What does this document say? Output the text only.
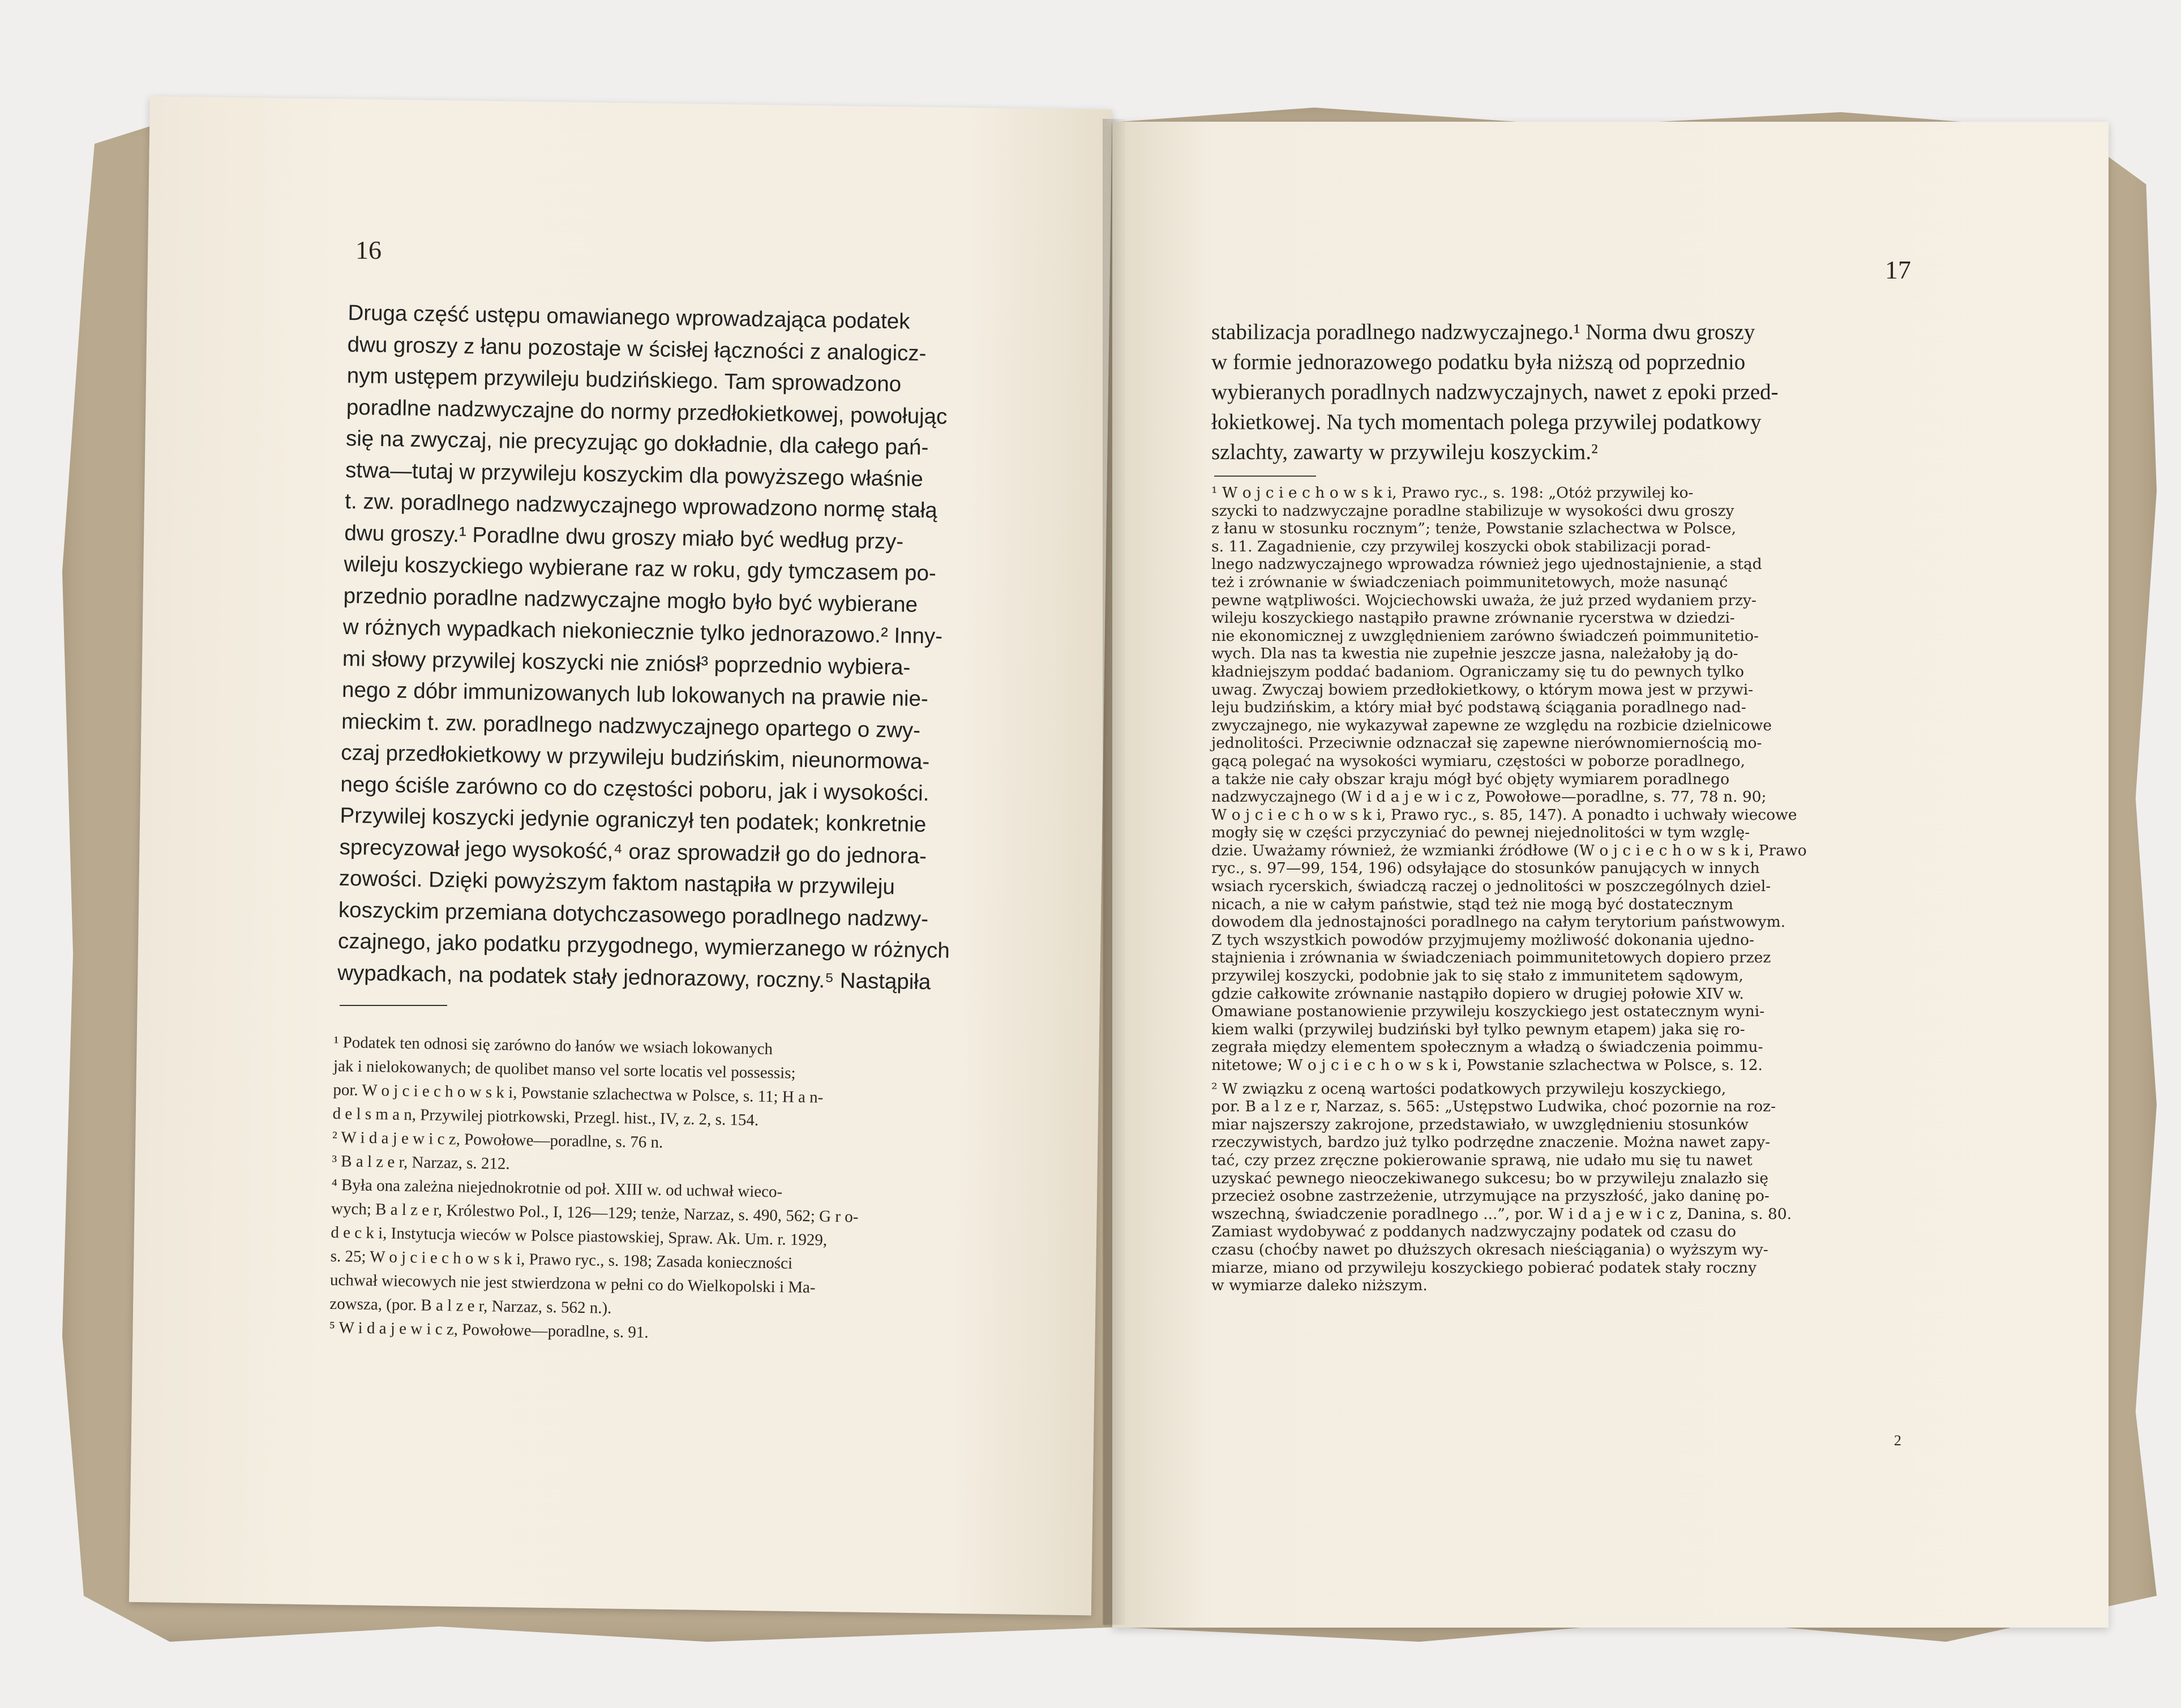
16
Druga część ustępu omawianego wprowadzająca podatek
dwu groszy z łanu pozostaje w ścisłej łączności z analogicz-
nym ustępem przywileju budzińskiego. Tam sprowadzono
poradlne nadzwyczajne do normy przedłokietkowej, powołując
się na zwyczaj, nie precyzując go dokładnie, dla całego pań-
stwa—tutaj w przywileju koszyckim dla powyższego właśnie
t. zw. poradlnego nadzwyczajnego wprowadzono normę stałą
dwu groszy.¹ Poradlne dwu groszy miało być według przy-
wileju koszyckiego wybierane raz w roku, gdy tymczasem po-
przednio poradlne nadzwyczajne mogło było być wybierane
w różnych wypadkach niekoniecznie tylko jednorazowo.² Inny-
mi słowy przywilej koszycki nie zniósł³ poprzednio wybiera-
nego z dóbr immunizowanych lub lokowanych na prawie nie-
mieckim t. zw. poradlnego nadzwyczajnego opartego o zwy-
czaj przedłokietkowy w przywileju budzińskim, nieunormowa-
nego ściśle zarówno co do częstości poboru, jak i wysokości.
Przywilej koszycki jedynie ograniczył ten podatek; konkretnie
sprecyzował jego wysokość,⁴ oraz sprowadził go do jednora-
zowości. Dzięki powyższym faktom nastąpiła w przywileju
koszyckim przemiana dotychczasowego poradlnego nadzwy-
czajnego, jako podatku przygodnego, wymierzanego w różnych
wypadkach, na podatek stały jednorazowy, roczny.⁵ Nastąpiła
¹ Podatek ten odnosi się zarówno do łanów we wsiach lokowanych
jak i nielokowanych; de quolibet manso vel sorte locatis vel possessis;
por. W o j c i e c h o w s k i, Powstanie szlachectwa w Polsce, s. 11; H a n-
d e l s m a n, Przywilej piotrkowski, Przegl. hist., IV, z. 2, s. 154.
² W i d a j e w i c z, Powołowe—poradlne, s. 76 n.
³ B a l z e r, Narzaz, s. 212.
⁴ Była ona zależna niejednokrotnie od poł. XIII w. od uchwał wieco-
wych; B a l z e r, Królestwo Pol., I, 126—129; tenże, Narzaz, s. 490, 562; G r o-
d e c k i, Instytucja wieców w Polsce piastowskiej, Spraw. Ak. Um. r. 1929,
s. 25; W o j c i e c h o w s k i, Prawo ryc., s. 198; Zasada konieczności
uchwał wiecowych nie jest stwierdzona w pełni co do Wielkopolski i Ma-
zowsza, (por. B a l z e r, Narzaz, s. 562 n.).
⁵ W i d a j e w i c z, Powołowe—poradlne, s. 91.
17
stabilizacja poradlnego nadzwyczajnego.¹ Norma dwu groszy
w formie jednorazowego podatku była niższą od poprzednio
wybieranych poradlnych nadzwyczajnych, nawet z epoki przed-
łokietkowej. Na tych momentach polega przywilej podatkowy
szlachty, zawarty w przywileju koszyckim.²
¹ W o j c i e c h o w s k i, Prawo ryc., s. 198: „Otóż przywilej ko-
szycki to nadzwyczajne poradlne stabilizuje w wysokości dwu groszy
z łanu w stosunku rocznym”; tenże, Powstanie szlachectwa w Polsce,
s. 11. Zagadnienie, czy przywilej koszycki obok stabilizacji porad-
lnego nadzwyczajnego wprowadza również jego ujednostajnienie, a stąd
też i zrównanie w świadczeniach poimmunitetowych, może nasunąć
pewne wątpliwości. Wojciechowski uważa, że już przed wydaniem przy-
wileju koszyckiego nastąpiło prawne zrównanie rycerstwa w dziedzi-
nie ekonomicznej z uwzględnieniem zarówno świadczeń poimmunitetio-
wych. Dla nas ta kwestia nie zupełnie jeszcze jasna, należałoby ją do-
kładniejszym poddać badaniom. Ograniczamy się tu do pewnych tylko
uwag. Zwyczaj bowiem przedłokietkowy, o którym mowa jest w przywi-
leju budzińskim, a który miał być podstawą ściągania poradlnego nad-
zwyczajnego, nie wykazywał zapewne ze względu na rozbicie dzielnicowe
jednolitości. Przeciwnie odznaczał się zapewne nierównomiernością mo-
gącą polegać na wysokości wymiaru, częstości w poborze poradlnego,
a także nie cały obszar kraju mógł być objęty wymiarem poradlnego
nadzwyczajnego (W i d a j e w i c z, Powołowe—poradlne, s. 77, 78 n. 90;
W o j c i e c h o w s k i, Prawo ryc., s. 85, 147). A ponadto i uchwały wiecowe
mogły się w części przyczyniać do pewnej niejednolitości w tym wzglę-
dzie. Uważamy również, że wzmianki źródłowe (W o j c i e c h o w s k i, Prawo
ryc., s. 97—99, 154, 196) odsyłające do stosunków panujących w innych
wsiach rycerskich, świadczą raczej o jednolitości w poszczególnych dziel-
nicach, a nie w całym państwie, stąd też nie mogą być dostatecznym
dowodem dla jednostajności poradlnego na całym terytorium państwowym.
Z tych wszystkich powodów przyjmujemy możliwość dokonania ujedno-
stajnienia i zrównania w świadczeniach poimmunitetowych dopiero przez
przywilej koszycki, podobnie jak to się stało z immunitetem sądowym,
gdzie całkowite zrównanie nastąpiło dopiero w drugiej połowie XIV w.
Omawiane postanowienie przywileju koszyckiego jest ostatecznym wyni-
kiem walki (przywilej budziński był tylko pewnym etapem) jaka się ro-
zegrała między elementem społecznym a władzą o świadczenia poimmu-
nitetowe; W o j c i e c h o w s k i, Powstanie szlachectwa w Polsce, s. 12.
² W związku z oceną wartości podatkowych przywileju koszyckiego,
por. B a l z e r, Narzaz, s. 565: „Ustępstwo Ludwika, choć pozornie na roz-
miar najszerszy zakrojone, przedstawiało, w uwzględnieniu stosunków
rzeczywistych, bardzo już tylko podrzędne znaczenie. Można nawet zapy-
tać, czy przez zręczne pokierowanie sprawą, nie udało mu się tu nawet
uzyskać pewnego nieoczekiwanego sukcesu; bo w przywileju znalazło się
przecież osobne zastrzeżenie, utrzymujące na przyszłość, jako daninę po-
wszechną, świadczenie poradlnego ...”, por. W i d a j e w i c z, Danina, s. 80.
Zamiast wydobywać z poddanych nadzwyczajny podatek od czasu do
czasu (choćby nawet po dłuższych okresach nieściągania) o wyższym wy-
miarze, miano od przywileju koszyckiego pobierać podatek stały roczny
w wymiarze daleko niższym.
2
